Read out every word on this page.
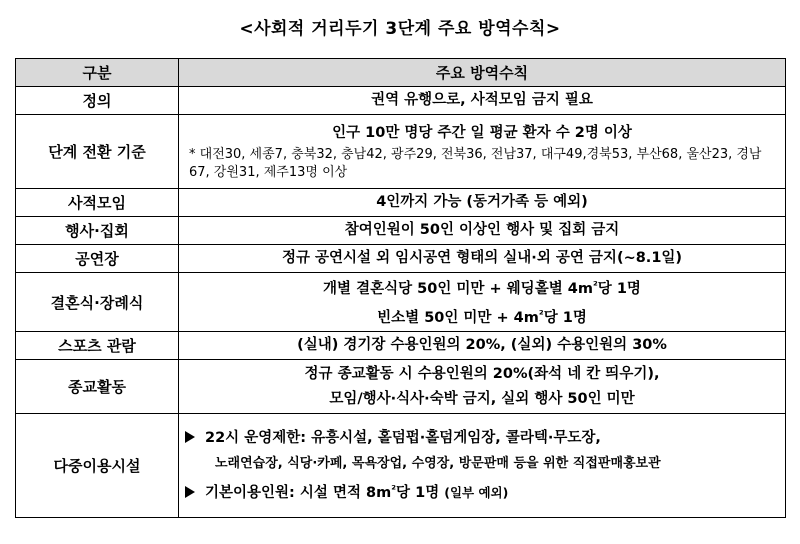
<사회적 거리두기 3단계 주요 방역수칙>
구분	주요 방역수칙
정의	권역 유행으로, 사적모임 금지 필요

단계 전환 기준	인구 10만 명당 주간 일 평균 환자 수 2명 이상
* 대전30, 세종7, 충북32, 충남42, 광주29, 전북36, 전남37, 대구49,경북53, 부산68, 울산23, 경남67, 강원31, 제주13명 이상

사적모임	4인까지 가능 (동거가족 등 예외)

행사·집회	참여인원이 50인 이상인 행사 및 집회 금지

공연장	정규 공연시설 외 임시공연 형태의 실내·외 공연 금지(~8.1일)

결혼식·장례식	개별 결혼식당 50인 미만 + 웨딩홀별 $4m^{^2}$당 1명
빈소별 50인 미만 + $4m^{^2}$당 1명

스포츠 관람	(실내) 경기장 수용인원의 20%, (실외) 수용인원의 30%

종교활동	정규 종교활동 시 수용인원의 20%(좌석 네 칸 띄우기),
모임/행사·식사·숙박 금지, 실외 행사 50인 미만

다중이용시설	22시 운영제한: 유흥시설, 홀덤펍·홀덤게임장, 콜라텍·무도장,
노래연습장, 식당·카페, 목욕장업, 수영장, 방문판매 등을 위한 직접판매홍보관
기본이용인원: 시설 면적 $8m^{^2}$당 1명 (일부 예외)
